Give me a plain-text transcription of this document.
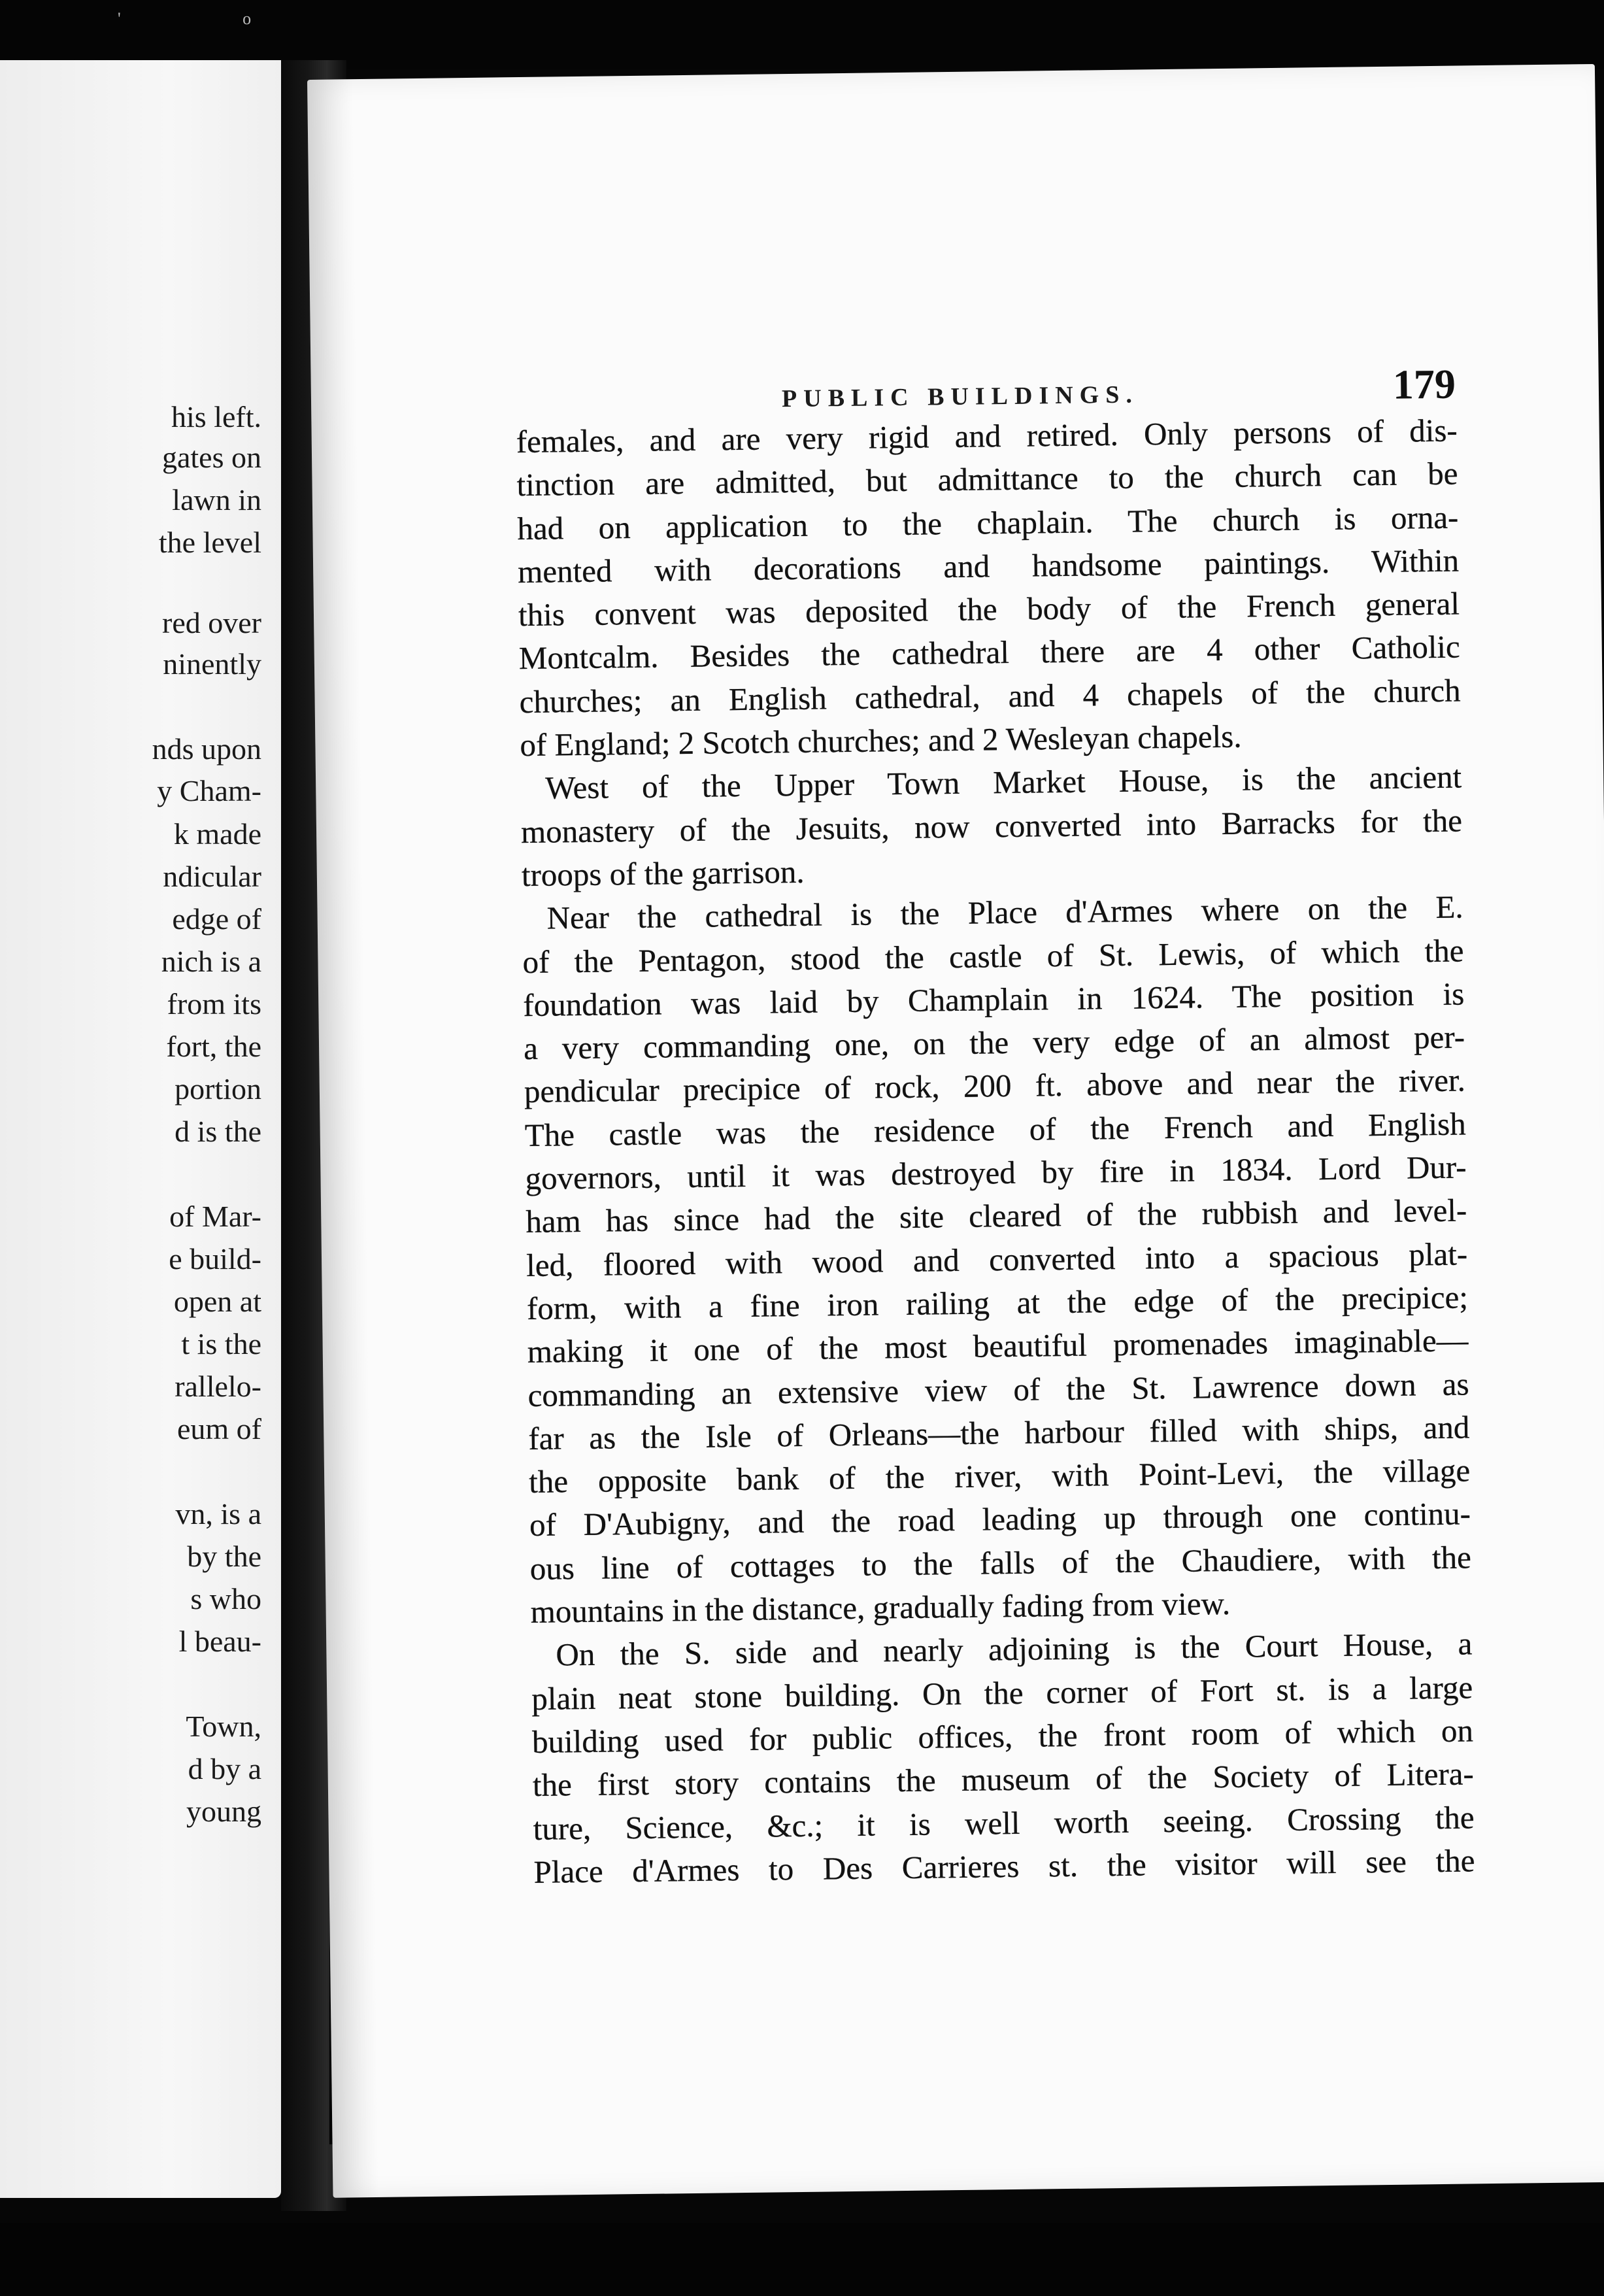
' o
his left.
gates on
lawn in
the level
red over
ninently
nds upon
y Cham-
k made
ndicular
edge of
nich is a
from its
fort, the
portion
d is the
of Mar-
e build-
open at
t is the
rallelo-
eum of
vn, is a
by the
s who
l beau-
Town,
d by a
young
PUBLIC BUILDINGS.	179
females, and are very rigid and retired. Only persons of dis-
tinction are admitted, but admittance to the church can be
had on application to the chaplain. The church is orna-
mented with decorations and handsome paintings. Within
this convent was deposited the body of the French general
Montcalm. Besides the cathedral there are 4 other Catholic
churches; an English cathedral, and 4 chapels of the church
of England; 2 Scotch churches; and 2 Wesleyan chapels.
West of the Upper Town Market House, is the ancient
monastery of the Jesuits, now converted into Barracks for the
troops of the garrison.
Near the cathedral is the Place d'Armes where on the E.
of the Pentagon, stood the castle of St. Lewis, of which the
foundation was laid by Champlain in 1624. The position is
a very commanding one, on the very edge of an almost per-
pendicular precipice of rock, 200 ft. above and near the river.
The castle was the residence of the French and English
governors, until it was destroyed by fire in 1834. Lord Dur-
ham has since had the site cleared of the rubbish and level-
led, floored with wood and converted into a spacious plat-
form, with a fine iron railing at the edge of the precipice;
making it one of the most beautiful promenades imaginable—
commanding an extensive view of the St. Lawrence down as
far as the Isle of Orleans—the harbour filled with ships, and
the opposite bank of the river, with Point-Levi, the village
of D'Aubigny, and the road leading up through one continu-
ous line of cottages to the falls of the Chaudiere, with the
mountains in the distance, gradually fading from view.
On the S. side and nearly adjoining is the Court House, a
plain neat stone building. On the corner of Fort st. is a large
building used for public offices, the front room of which on
the first story contains the museum of the Society of Litera-
ture, Science, &c.; it is well worth seeing. Crossing the
Place d'Armes to Des Carrieres st. the visitor will see the
